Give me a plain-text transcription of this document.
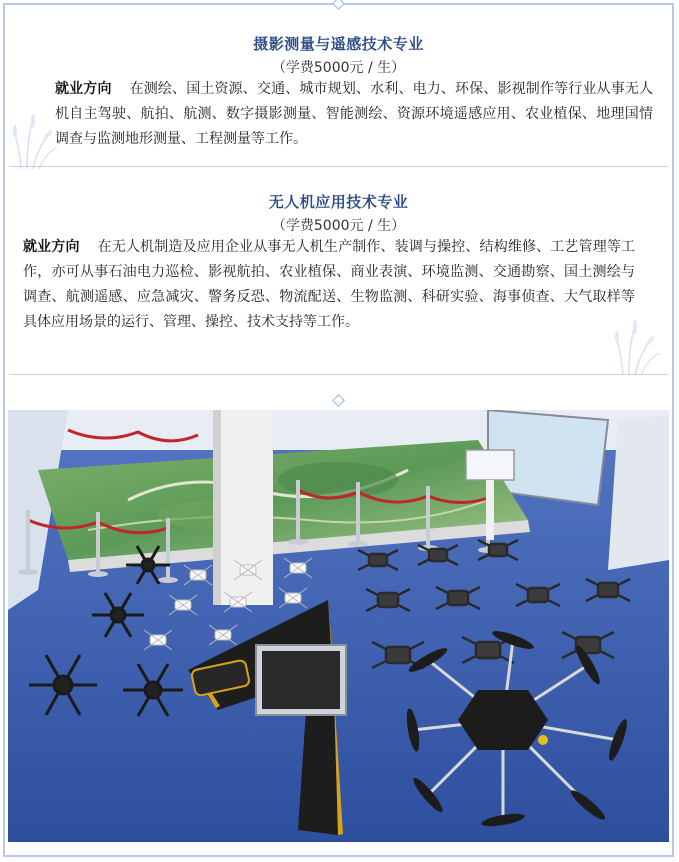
摄影测量与遥感技术专业
（学费5000元 / 生）
就业方向 在测绘、国土资源、交通、城市规划、水利、电力、环保、影视制作等行业从事无人机自主驾驶、航拍、航测、数字摄影测量、智能测绘、资源环境遥感应用、农业植保、地理国情调查与监测地形测量、工程测量等工作。
无人机应用技术专业
（学费5000元 / 生）
就业方向 在无人机制造及应用企业从事无人机生产制作、装调与操控、结构维修、工艺管理等工作，亦可从事石油电力巡检、影视航拍、农业植保、商业表演、环境监测、交通勘察、国土测绘与调查、航测遥感、应急减灾、警务反恐、物流配送、生物监测、科研实验、海事侦查、大气取样等具体应用场景的运行、管理、操控、技术支持等工作。
